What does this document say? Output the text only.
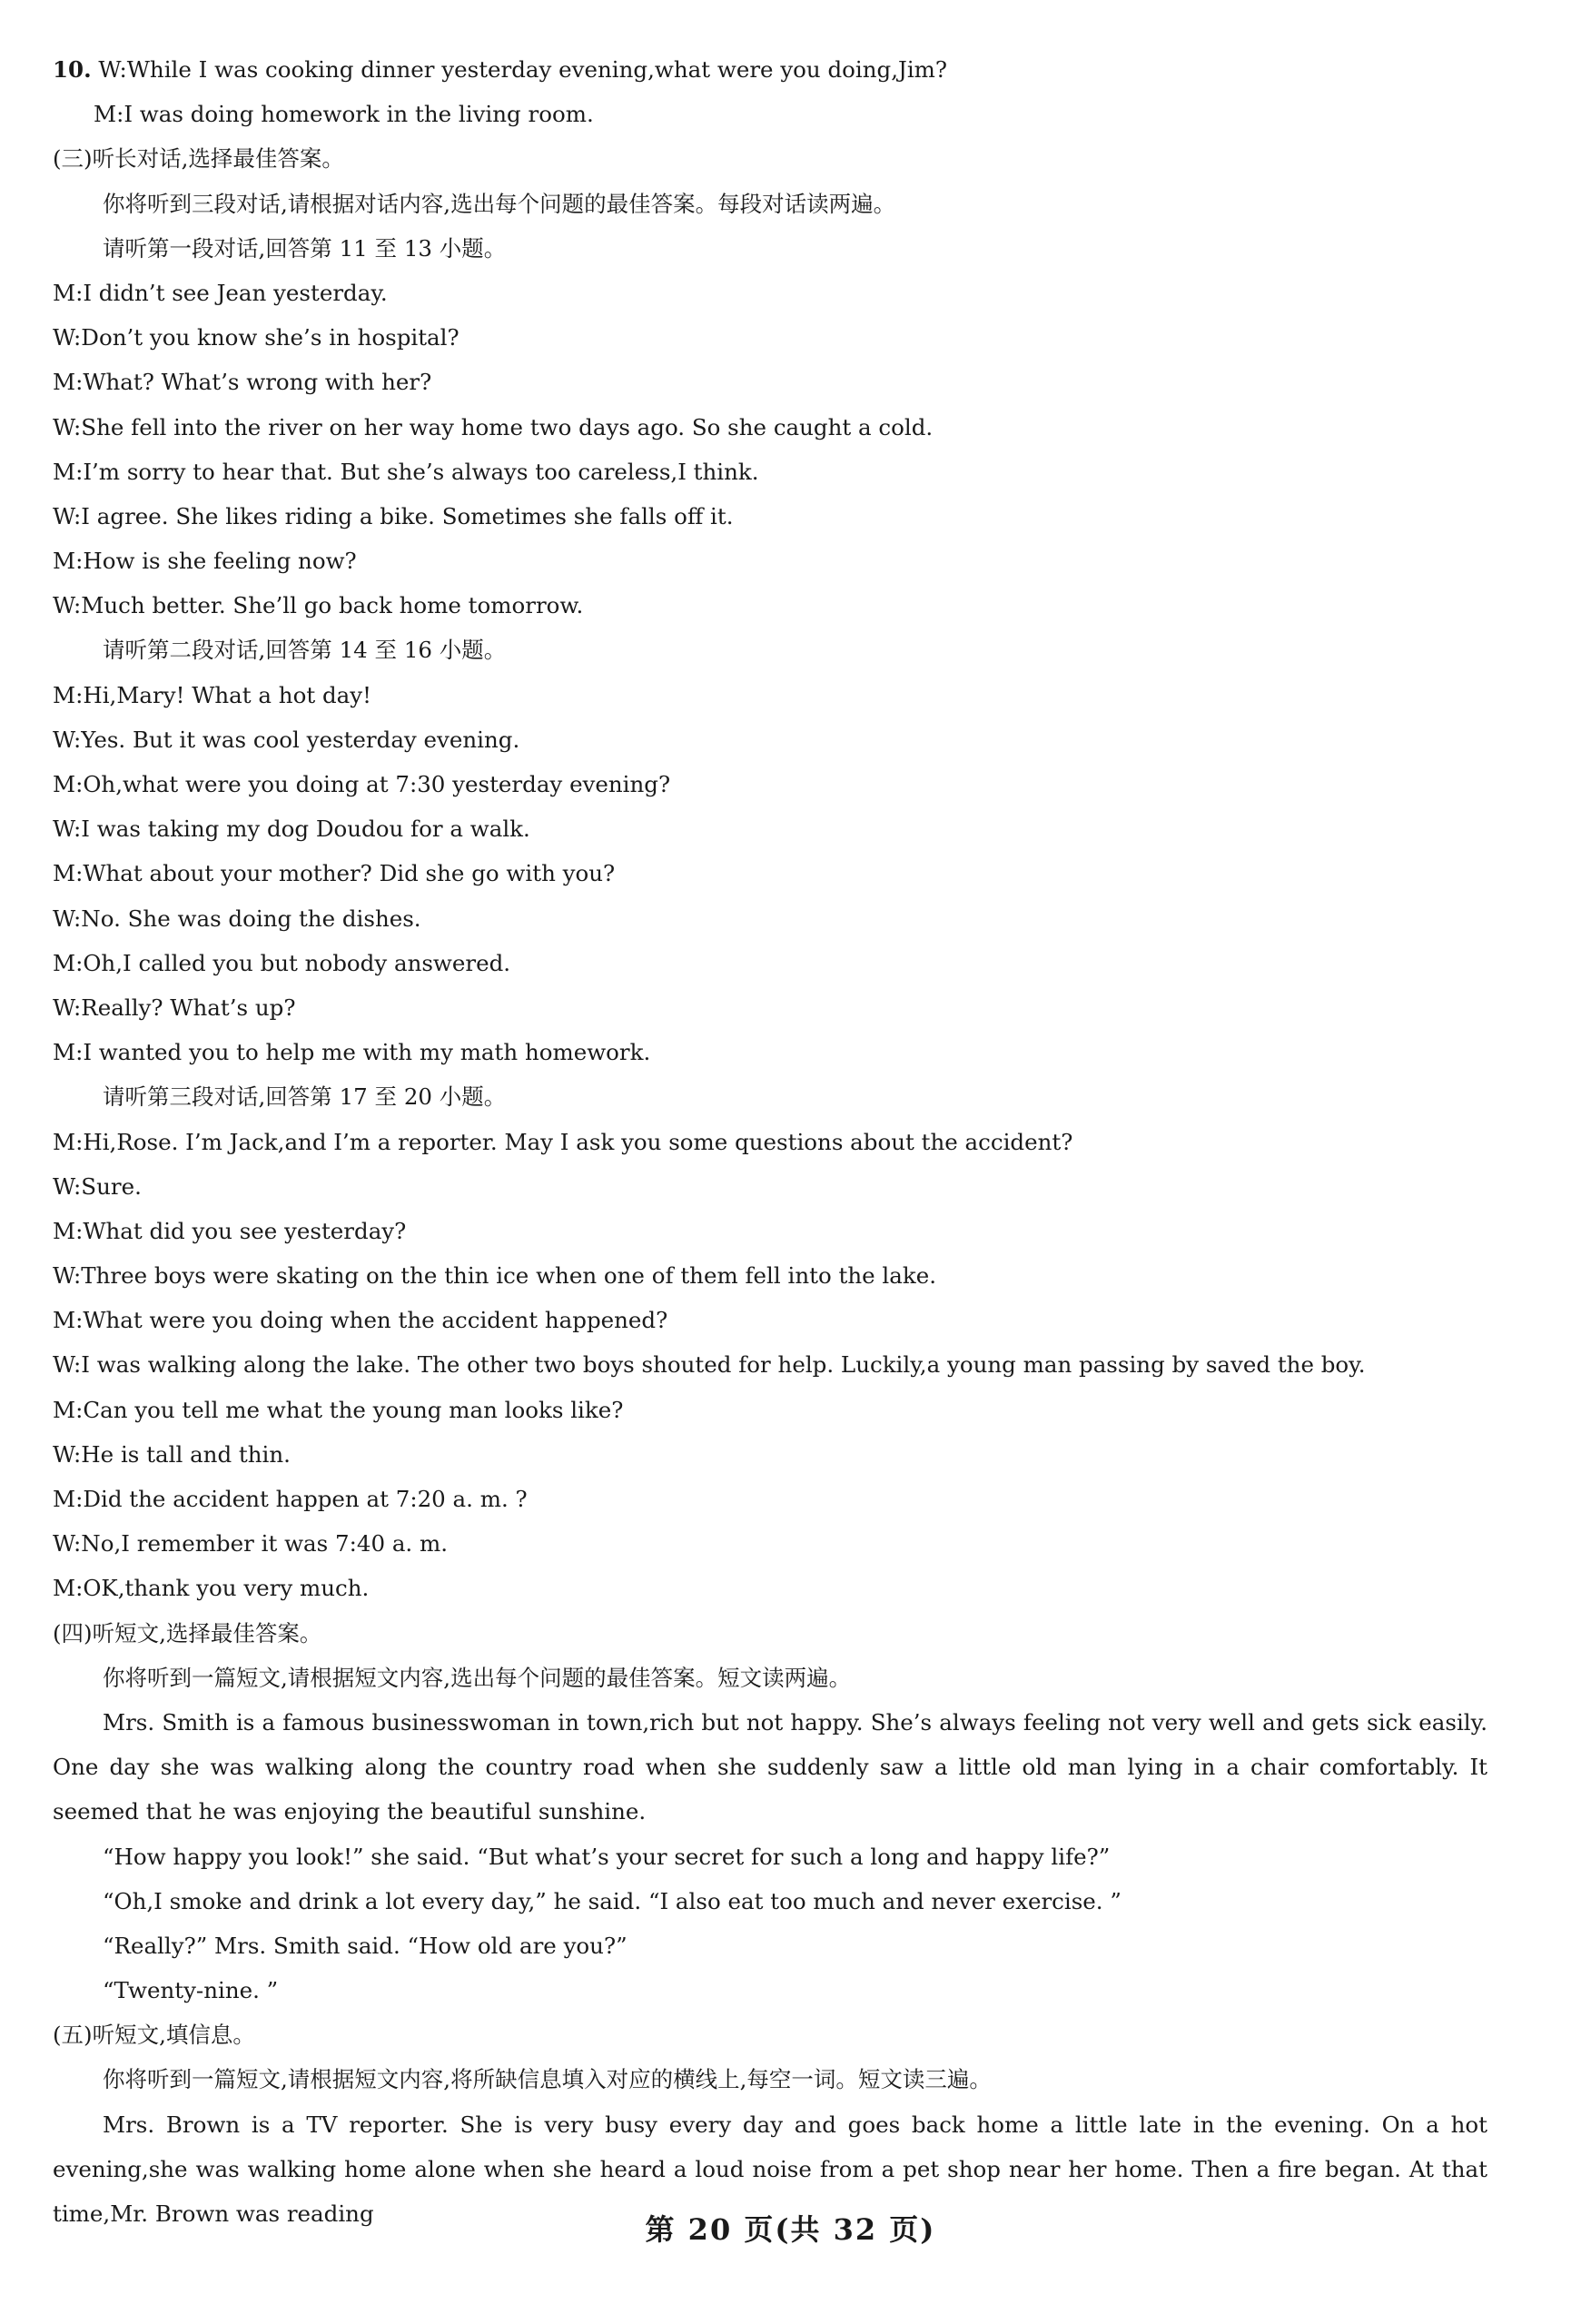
10. W:While I was cooking dinner yesterday evening,what were you doing,Jim?
M:I was doing homework in the living room.
(三)听长对话,选择最佳答案。
你将听到三段对话,请根据对话内容,选出每个问题的最佳答案。每段对话读两遍。
请听第一段对话,回答第 11 至 13 小题。
M:I didn’t see Jean yesterday.
W:Don’t you know she’s in hospital?
M:What? What’s wrong with her?
W:She fell into the river on her way home two days ago. So she caught a cold.
M:I’m sorry to hear that. But she’s always too careless,I think.
W:I agree. She likes riding a bike. Sometimes she falls off it.
M:How is she feeling now?
W:Much better. She’ll go back home tomorrow.
请听第二段对话,回答第 14 至 16 小题。
M:Hi,Mary! What a hot day!
W:Yes. But it was cool yesterday evening.
M:Oh,what were you doing at 7:30 yesterday evening?
W:I was taking my dog Doudou for a walk.
M:What about your mother? Did she go with you?
W:No. She was doing the dishes.
M:Oh,I called you but nobody answered.
W:Really? What’s up?
M:I wanted you to help me with my math homework.
请听第三段对话,回答第 17 至 20 小题。
M:Hi,Rose. I’m Jack,and I’m a reporter. May I ask you some questions about the accident?
W:Sure.
M:What did you see yesterday?
W:Three boys were skating on the thin ice when one of them fell into the lake.
M:What were you doing when the accident happened?
W:I was walking along the lake. The other two boys shouted for help. Luckily,a young man passing by saved the boy.
M:Can you tell me what the young man looks like?
W:He is tall and thin.
M:Did the accident happen at 7:20 a. m. ?
W:No,I remember it was 7:40 a. m.
M:OK,thank you very much.
(四)听短文,选择最佳答案。
你将听到一篇短文,请根据短文内容,选出每个问题的最佳答案。短文读两遍。

Mrs. Smith is a famous businesswoman in town,rich but not happy. She’s always feeling not very well and gets sick easily. One day she was walking along the country road when she suddenly saw a little old man lying in a chair comfortably. It seemed that he was enjoying the beautiful sunshine.

“How happy you look!” she said. “But what’s your secret for such a long and happy life?”
“Oh,I smoke and drink a lot every day,” he said. “I also eat too much and never exercise. ”
“Really?” Mrs. Smith said. “How old are you?”
“Twenty-nine. ”
(五)听短文,填信息。
你将听到一篇短文,请根据短文内容,将所缺信息填入对应的横线上,每空一词。短文读三遍。

Mrs. Brown is a TV reporter. She is very busy every day and goes back home a little late in the evening. On a hot evening,she was walking home alone when she heard a loud noise from a pet shop near her home. Then a fire began. At that time,Mr. Brown was reading	第 20 页(共 32 页)
